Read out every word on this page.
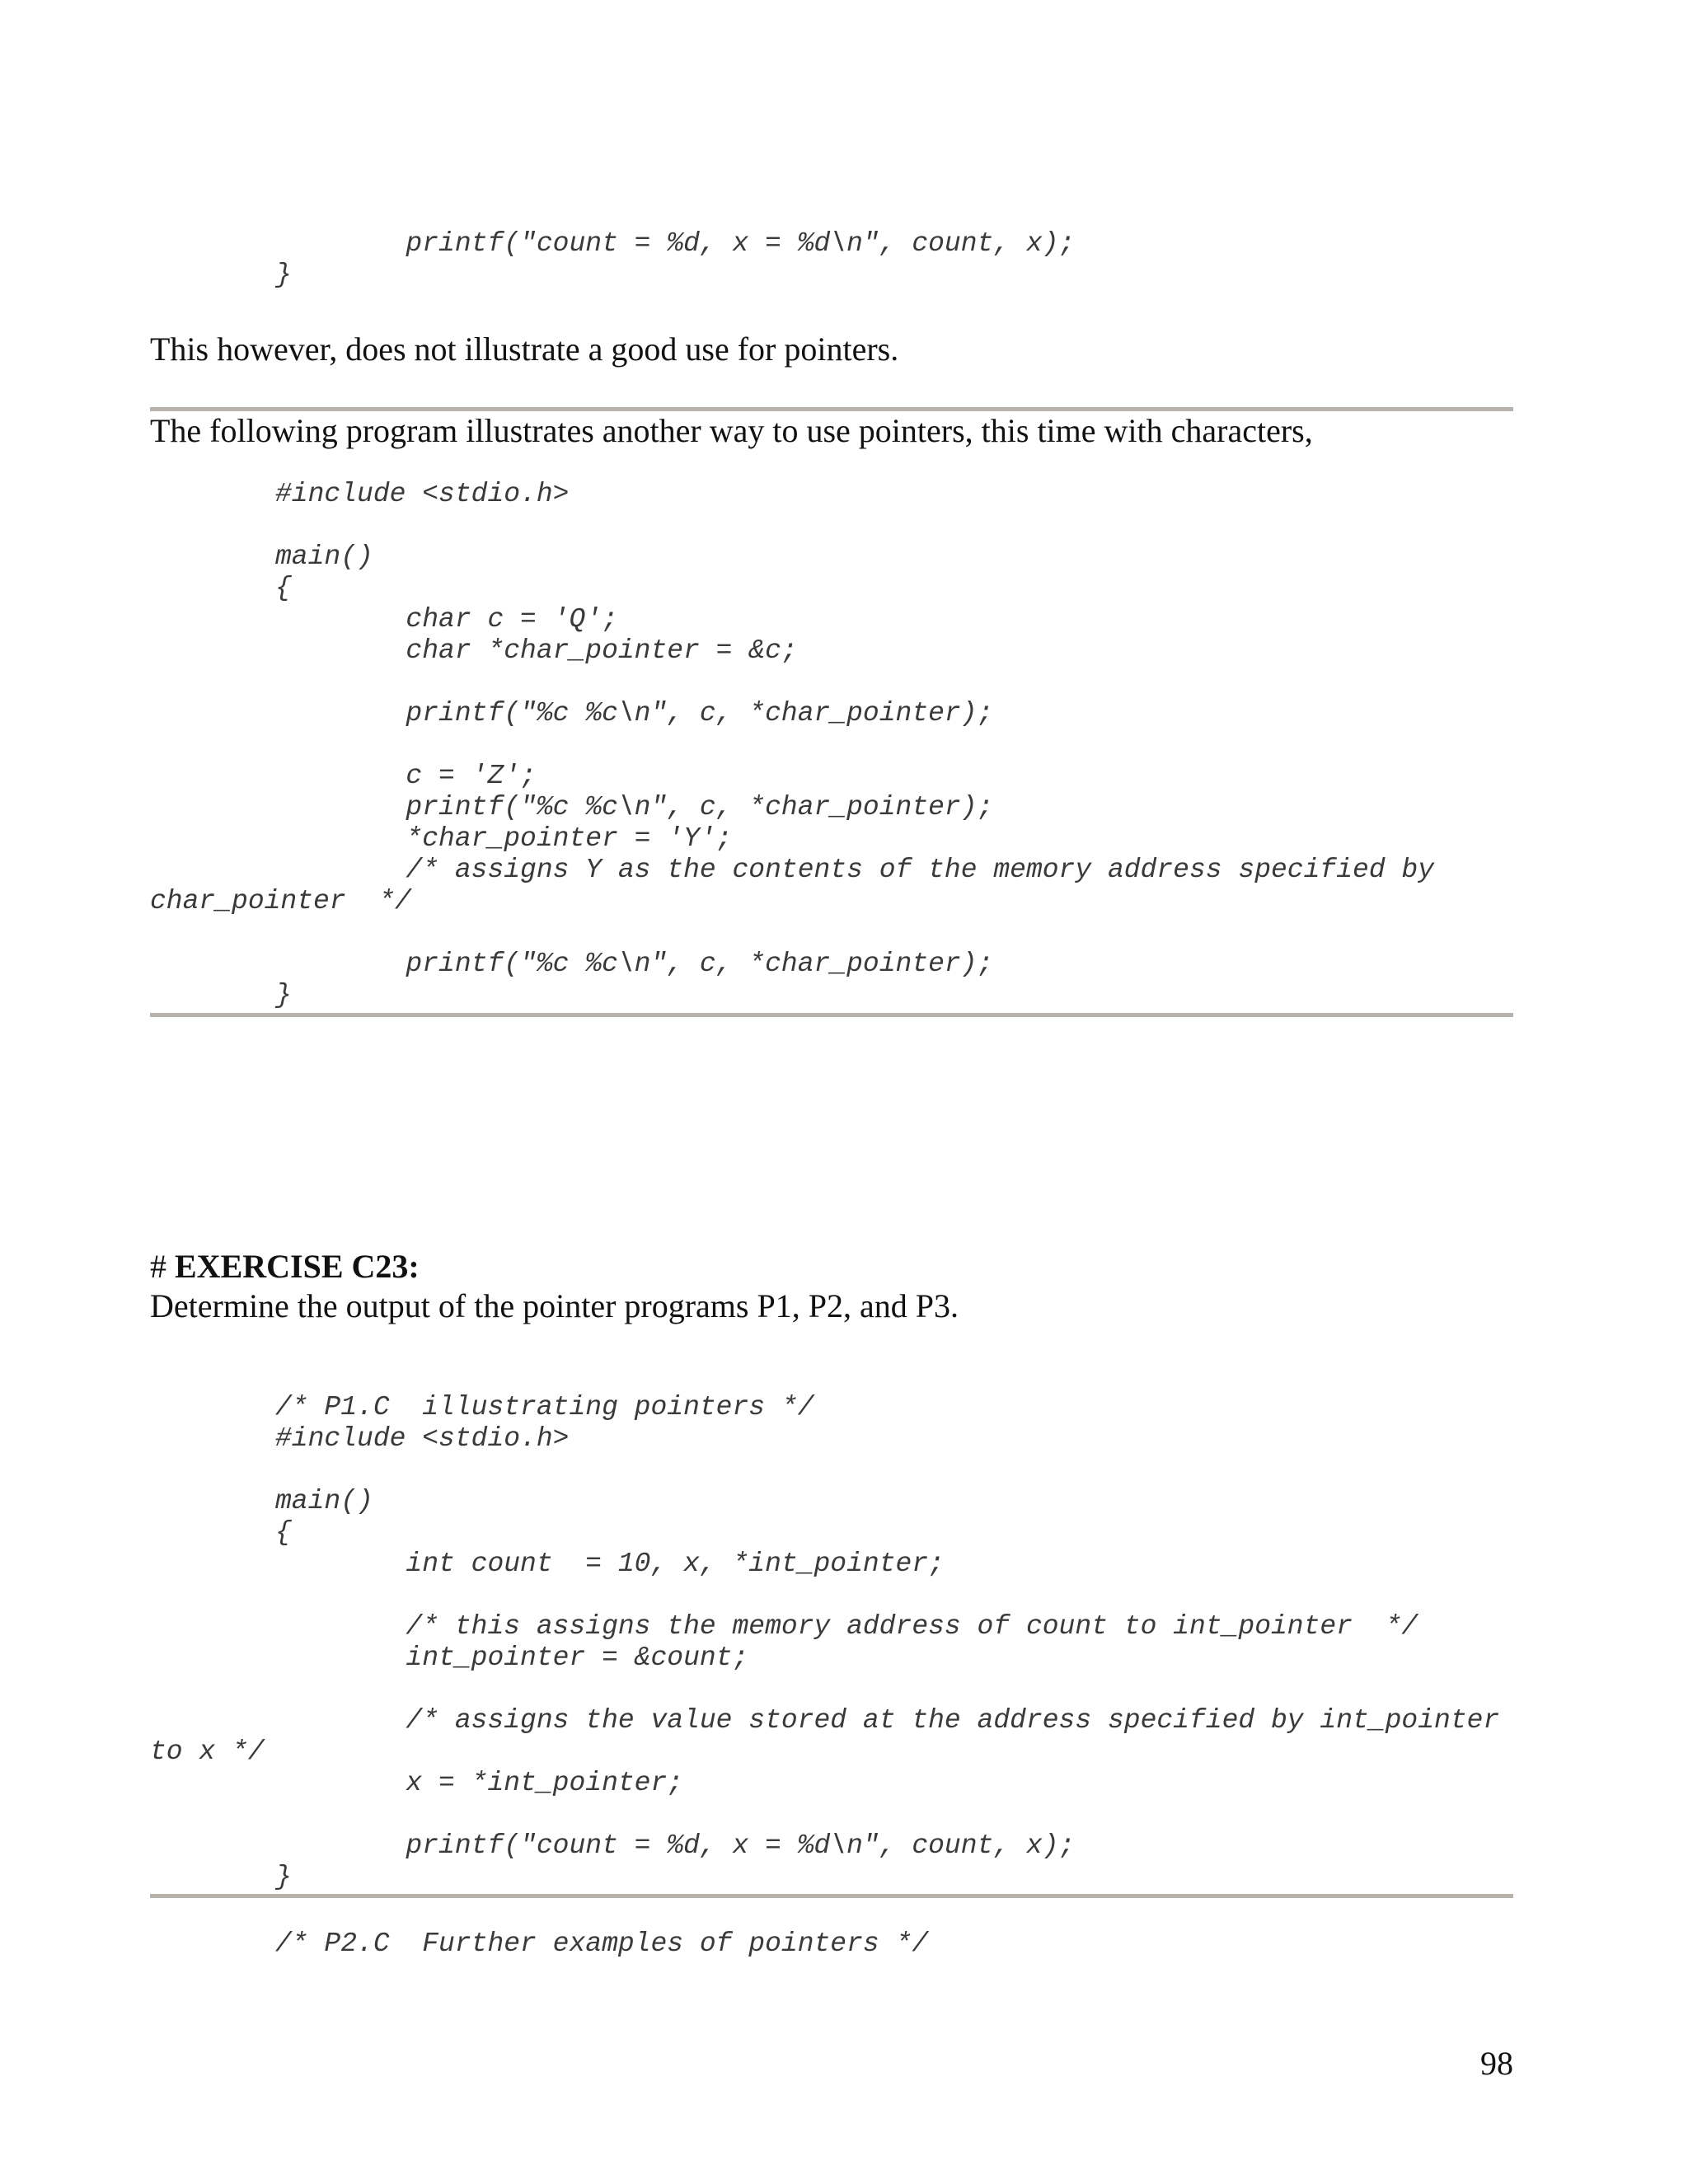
printf("count = %d, x = %d\n", count, x);
}

This however, does not illustrate a good use for pointers.

The following program illustrates another way to use pointers, this time with characters,

#include <stdio.h>

main()
{
char c = 'Q';
char *char_pointer = &c;

printf("%c %c\n", c, *char_pointer);

c = 'Z';
printf("%c %c\n", c, *char_pointer);
*char_pointer = 'Y';
/* assigns Y as the contents of the memory address specified by
char_pointer  */
printf("%c %c\n", c, *char_pointer);
}

# EXERCISE C23:

Determine the output of the pointer programs P1, P2, and P3.

/* P1.C  illustrating pointers */
#include <stdio.h>

main()
{
int count  = 10, x, *int_pointer;

/* this assigns the memory address of count to int_pointer  */
int_pointer = &count;

/* assigns the value stored at the address specified by int_pointer
to x */
x = *int_pointer;

printf("count = %d, x = %d\n", count, x);
}
/* P2.C  Further examples of pointers */
98
